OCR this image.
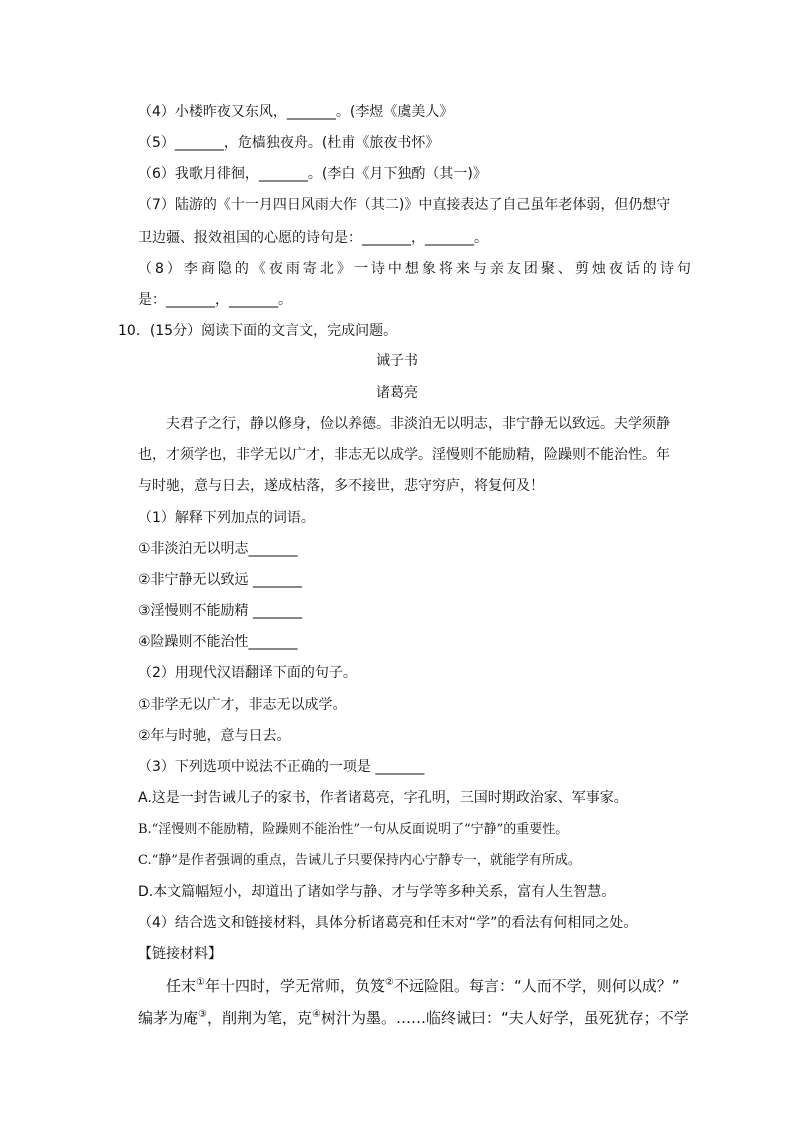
（4）小楼昨夜又东风，_______。(李煜《虞美人》
（5）_______，危樯独夜舟。(杜甫《旅夜书怀》
（6）我歌月徘徊，_______。(李白《月下独酌（其一)》
（7）陆游的《十一月四日风雨大作（其二)》中直接表达了自己虽年老体弱，但仍想守
卫边疆、报效祖国的心愿的诗句是：_______，_______。
（8）李商隐的《夜雨寄北》一诗中想象将来与亲友团聚、剪烛夜话的诗句
是：_______，_______。
10．(15分）阅读下面的文言文，完成问题。
诫子书
诸葛亮
夫君子之行，静以修身，俭以养德。非淡泊无以明志，非宁静无以致远。夫学须静
也，才须学也，非学无以广才，非志无以成学。淫慢则不能励精，险躁则不能治性。年
与时驰，意与日去，遂成枯落，多不接世，悲守穷庐，将复何及！
（1）解释下列加点的词语。
①非淡泊无以明志_______
②非宁静无以致远 _______
③淫慢则不能励精 _______
④险躁则不能治性_______
（2）用现代汉语翻译下面的句子。
①非学无以广才，非志无以成学。
②年与时驰，意与日去。
（3）下列选项中说法不正确的一项是 _______
A.这是一封告诫儿子的家书，作者诸葛亮，字孔明，三国时期政治家、军事家。
B.“淫慢则不能励精，险躁则不能治性”一句从反面说明了“宁静”的重要性。
C.“静”是作者强调的重点，告诫儿子只要保持内心宁静专一，就能学有所成。
D.本文篇幅短小，却道出了诸如学与静、才与学等多种关系，富有人生智慧。
（4）结合选文和链接材料，具体分析诸葛亮和任末对“学”的看法有何相同之处。
【链接材料】
任末①年十四时，学无常师，负笈②不远险阻。每言：“人而不学，则何以成？”
编茅为庵③，削荆为笔，克④树汁为墨。……临终诫曰：“夫人好学，虽死犹存；不学
